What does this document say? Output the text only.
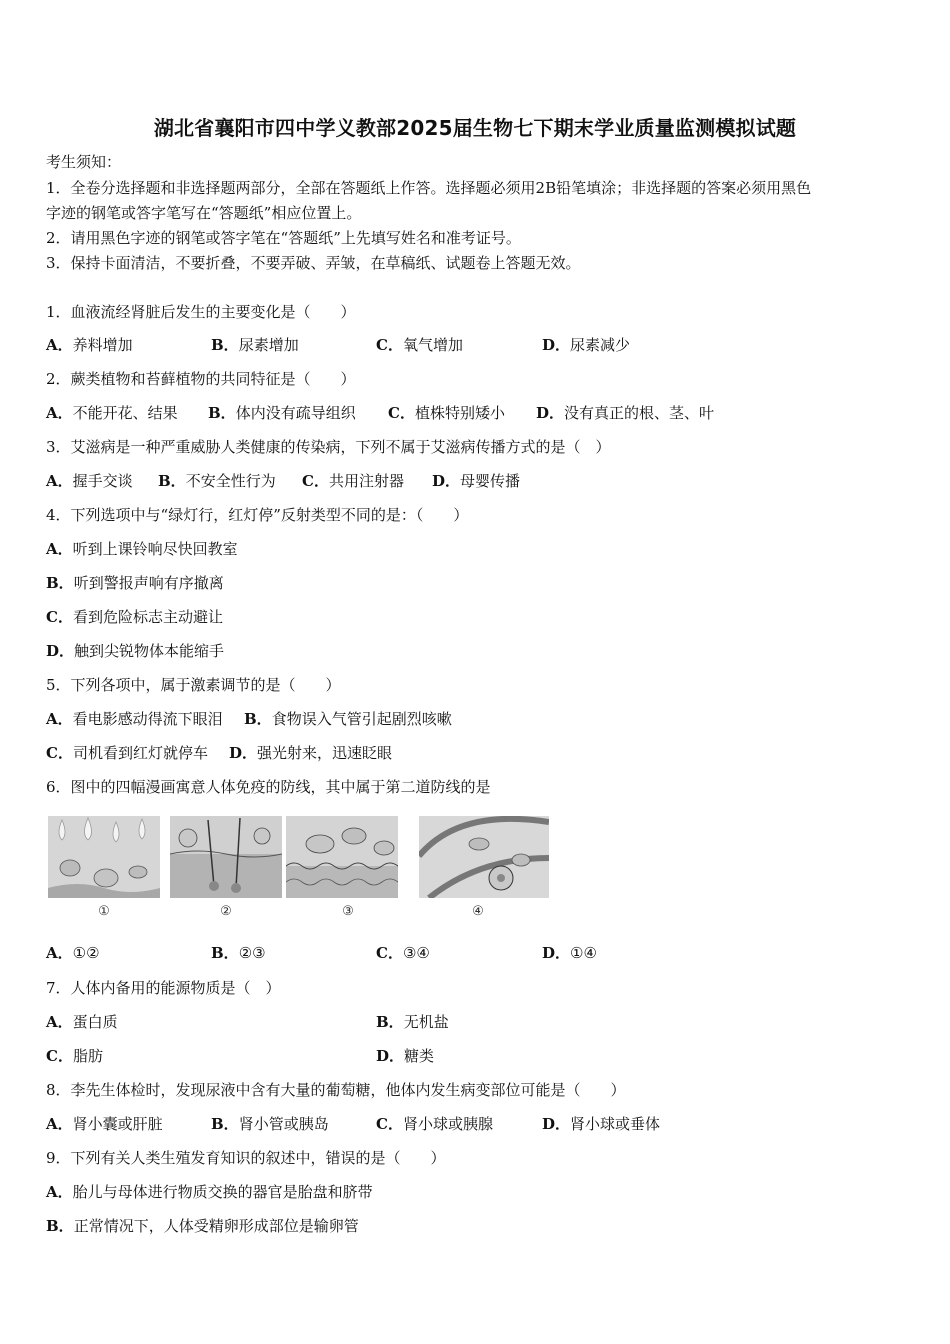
湖北省襄阳市四中学义教部2025届生物七下期末学业质量监测模拟试题
考生须知：
1．全卷分选择题和非选择题两部分，全部在答题纸上作答。选择题必须用2B铅笔填涂；非选择题的答案必须用黑色
字迹的钢笔或答字笔写在“答题纸”相应位置上。
2．请用黑色字迹的钢笔或答字笔在“答题纸”上先填写姓名和准考证号。
3．保持卡面清洁，不要折叠，不要弄破、弄皱，在草稿纸、试题卷上答题无效。
1．血液流经肾脏后发生的主要变化是（　　）
A．养料增加	B．尿素增加	C．氧气增加	D．尿素减少
2．蕨类植物和苔藓植物的共同特征是（　　）
A．不能开花、结果 B．体内没有疏导组织 C．植株特别矮小 D．没有真正的根、茎、叶
3．艾滋病是一种严重威胁人类健康的传染病，下列不属于艾滋病传播方式的是（　）
A．握手交谈 B．不安全性行为 C．共用注射器 D．母婴传播
4．下列选项中与“绿灯行，红灯停”反射类型不同的是：（　　）
A．听到上课铃响尽快回教室
B．听到警报声响有序撤离
C．看到危险标志主动避让
D．触到尖锐物体本能缩手
5．下列各项中，属于激素调节的是（　　）
A．看电影感动得流下眼泪 B．食物误入气管引起剧烈咳嗽
C．司机看到红灯就停车 D．强光射来，迅速眨眼
6．图中的四幅漫画寓意人体免疫的防线，其中属于第二道防线的是
①	②	③	④
A．①②	B．②③	C．③④	D．①④
7．人体内备用的能源物质是（　）
A．蛋白质	B．无机盐
C．脂肪	D．糖类
8．李先生体检时，发现尿液中含有大量的葡萄糖，他体内发生病变部位可能是（　　）
A．肾小囊或肝脏	B．肾小管或胰岛	C．肾小球或胰腺	D．肾小球或垂体
9．下列有关人类生殖发育知识的叙述中，错误的是（　　）
A．胎儿与母体进行物质交换的器官是胎盘和脐带
B．正常情况下，人体受精卵形成部位是输卵管
